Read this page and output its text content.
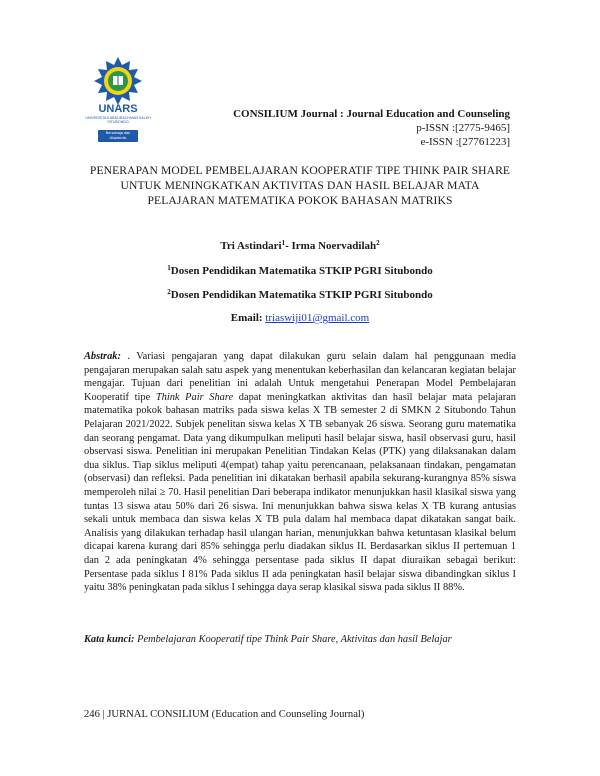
UNARS
UNIVERSITAS ABDURACHMAN SALEH SITUBONDO
Bersahaja dan Akademis
CONSILIUM Journal : Journal Education and Counseling
p-ISSN :[2775-9465]
e-ISSN :[27761223]
PENERAPAN MODEL PEMBELAJARAN KOOPERATIF TIPE THINK PAIR SHARE
UNTUK MENINGKATKAN AKTIVITAS DAN HASIL BELAJAR MATA
PELAJARAN MATEMATIKA POKOK BAHASAN MATRIKS
Tri Astindari$^1$- Irma Noervadilah$^2$
$^1$Dosen Pendidikan Matematika STKIP PGRI Situbondo
$^2$Dosen Pendidikan Matematika STKIP PGRI Situbondo
Email: triaswiji01@gmail.com
Abstrak: . Variasi pengajaran yang dapat dilakukan guru selain dalam hal penggunaan media pengajaran merupakan salah satu aspek yang menentukan keberhasilan dan kelancaran kegiatan belajar mengajar. Tujuan dari penelitian ini adalah Untuk mengetahui Penerapan Model Pembelajaran Kooperatif tipe Think Pair Share dapat meningkatkan aktivitas dan hasil belajar mata pelajaran matematika pokok bahasan matriks pada siswa kelas X TB semester 2 di SMKN 2 Situbondo Tahun Pelajaran 2021/2022. Subjek penelitan siswa kelas X TB sebanyak 26 siswa. Seorang guru matematika dan seorang pengamat. Data yang dikumpulkan meliputi hasil belajar siswa, hasil observasi guru, hasil observasi siswa. Penelitian ini merupakan Penelitian Tindakan Kelas (PTK) yang dilaksanakan dalam dua siklus. Tiap siklus meliputi 4(empat) tahap yaitu perencanaan, pelaksanaan tindakan, pengamatan (observasi) dan refleksi. Pada penelitian ini dikatakan berhasil apabila sekurang-kurangnya 85% siswa memperoleh nilai ≥ 70. Hasil penelitian Dari beberapa indikator menunjukkan hasil klasikal siswa yang tuntas 13 siswa atau 50% dari 26 siswa. Ini menunjukkan bahwa siswa kelas X TB kurang antusias sekali untuk membaca dan siswa kelas X TB pula dalam hal membaca dapat dikatakan sangat baik. Analisis yang dilakukan terhadap hasil ulangan harian, menunjukkan bahwa ketuntasan klasikal belum dicapai karena kurang dari 85% sehingga perlu diadakan siklus II. Berdasarkan siklus II pertemuan 1 dan 2 ada peningkatan 4% sehingga persentase pada siklus II dapat diuraikan sebagai berikut: Persentase pada siklus I 81% Pada siklus II ada peningkatan hasil belajar siswa dibandingkan siklus I yaitu 38% peningkatan pada siklus I sehingga daya serap klasikal siswa pada siklus II 88%.
Kata kunci: Pembelajaran Kooperatif tipe Think Pair Share, Aktivitas dan hasil Belajar
246 | JURNAL CONSILIUM (Education and Counseling Journal)
